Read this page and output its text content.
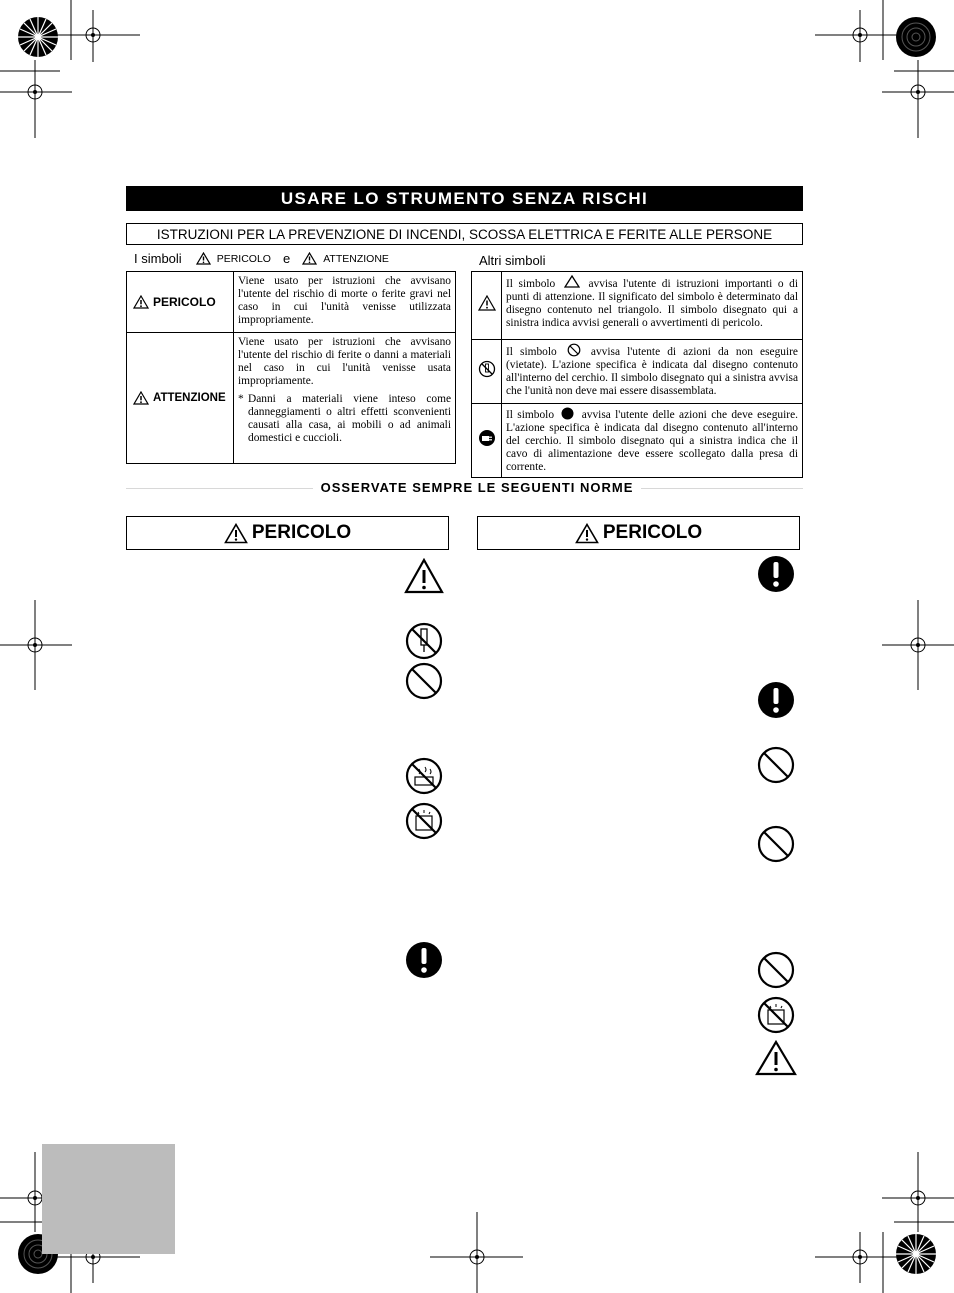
USARE LO STRUMENTO SENZA RISCHI
ISTRUZIONI PER LA PREVENZIONE DI INCENDI, SCOSSA ELETTRICA E FERITE ALLE PERSONE
I simboli	PERICOLO e	ATTENZIONE	Altri simboli
PERICOLO	Viene usato per istruzioni che avvisano l'utente del rischio di morte o ferite gravi nel caso in cui l'unità venisse utilizzata impropriamente.

ATTENZIONE	Viene usato per istruzioni che avvisano l'utente del rischio di ferite o danni a materiali nel caso in cui l'unità venisse usata impropriamente.
* Danni a materiali viene inteso come danneggiamenti o altri effetti sconvenienti causati alla casa, ai mobili o ad animali domestici e cuccioli.

Il simbolo avvisa l'utente di istruzioni importanti o di punti di attenzione. Il significato del simbolo è determinato dal disegno contenuto nel triangolo. Il simbolo disegnato qui a sinistra indica avvisi generali o avvertimenti di pericolo.

Il simbolo avvisa l'utente di azioni da non eseguire (vietate). L'azione specifica è indicata dal disegno contenuto all'interno del cerchio. Il simbolo disegnato qui a sinistra avvisa che l'unità non deve mai essere disassemblata.

Il simbolo avvisa l'utente delle azioni che deve eseguire. L'azione specifica è indicata dal disegno contenuto all'interno del cerchio. Il simbolo disegnato qui a sinistra indica che il cavo di alimentazione deve essere scollegato dalla presa di corrente.
OSSERVATE SEMPRE LE SEGUENTI NORME
PERICOLO	PERICOLO
